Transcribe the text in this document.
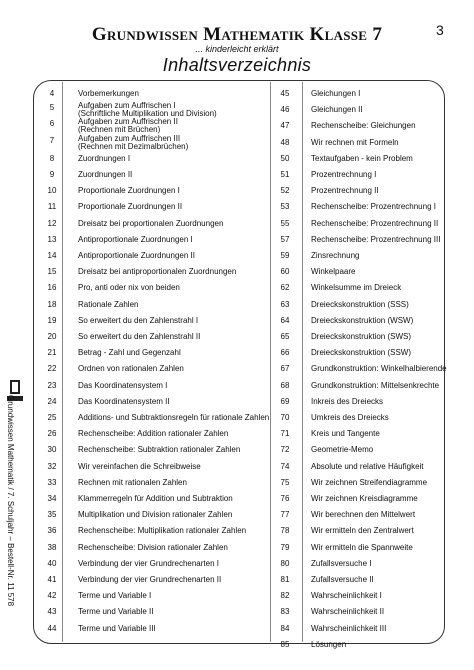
Grundwissen Mathematik Klasse 7	3
... kinderleicht erklärt
Inhaltsverzeichnis
4	Vorbemerkungen
5	Aufgaben zum Auffrischen I
(Schriftliche Multiplikation und Division)
6	Aufgaben zum Auffrischen II
(Rechnen mit Brüchen)
7	Aufgaben zum Auffrischen III
(Rechnen mit Dezimalbrüchen)
8	Zuordnungen I
9	Zuordnungen II
10	Proportionale Zuordnungen I
11	Proportionale Zuordnungen II
12	Dreisatz bei proportionalen Zuordnungen
13	Antiproportionale Zuordnungen I
14	Antiproportionale Zuordnungen II
15	Dreisatz bei antiproportionalen Zuordnungen
16	Pro, anti oder nix von beiden
18	Rationale Zahlen
19	So erweitert du den Zahlenstrahl I
20	So erweitert du den Zahlenstrahl II
21	Betrag - Zahl und Gegenzahl
22	Ordnen von rationalen Zahlen
23	Das Koordinatensystem I
24	Das Koordinatensystem II
25	Additions- und Subtraktionsregeln für rationale Zahlen
26	Rechenscheibe: Addition rationaler Zahlen
30	Rechenscheibe: Subtraktion rationaler Zahlen
32	Wir vereinfachen die Schreibweise
33	Rechnen mit rationalen Zahlen
34	Klammerregeln für Addition und Subtraktion
35	Multiplikation und Division rationaler Zahlen
36	Rechenscheibe: Multiplikation rationaler Zahlen
38	Rechenscheibe: Division rationaler Zahlen
40	Verbindung der vier Grundrechenarten I
41	Verbindung der vier Grundrechenarten II
42	Terme und Variable I
43	Terme und Variable II
44	Terme und Variable III
45	Gleichungen I
46	Gleichungen II
47	Rechenscheibe: Gleichungen
48	Wir rechnen mit Formeln
50	Textaufgaben - kein Problem
51	Prozentrechnung I
52	Prozentrechnung II
53	Rechenscheibe: Prozentrechnung I
55	Rechenscheibe: Prozentrechnung II
57	Rechenscheibe: Prozentrechnung III
59	Zinsrechnung
60	Winkelpaare
62	Winkelsumme im Dreieck
63	Dreieckskonstruktion (SSS)
64	Dreieckskonstruktion (WSW)
65	Dreieckskonstruktion (SWS)
66	Dreieckskonstruktion (SSW)
67	Grundkonstruktion: Winkelhalbierende
68	Grundkonstruktion: Mittelsenkrechte
69	Inkreis des Dreiecks
70	Umkreis des Dreiecks
71	Kreis und Tangente
72	Geometrie-Memo
74	Absolute und relative Häufigkeit
75	Wir zeichnen Streifendiagramme
76	Wir zeichnen Kreisdiagramme
77	Wir berechnen den Mittelwert
78	Wir ermitteln den Zentralwert
79	Wir ermitteln die Spannweite
80	Zufallsversuche I
81	Zufallsversuche II
82	Wahrscheinlichkeit I
83	Wahrscheinlichkeit II
84	Wahrscheinlichkeit III
85	Lösungen
Grundwissen Mathematik / 7. Schuljahr – Bestell-Nr. 11 578
